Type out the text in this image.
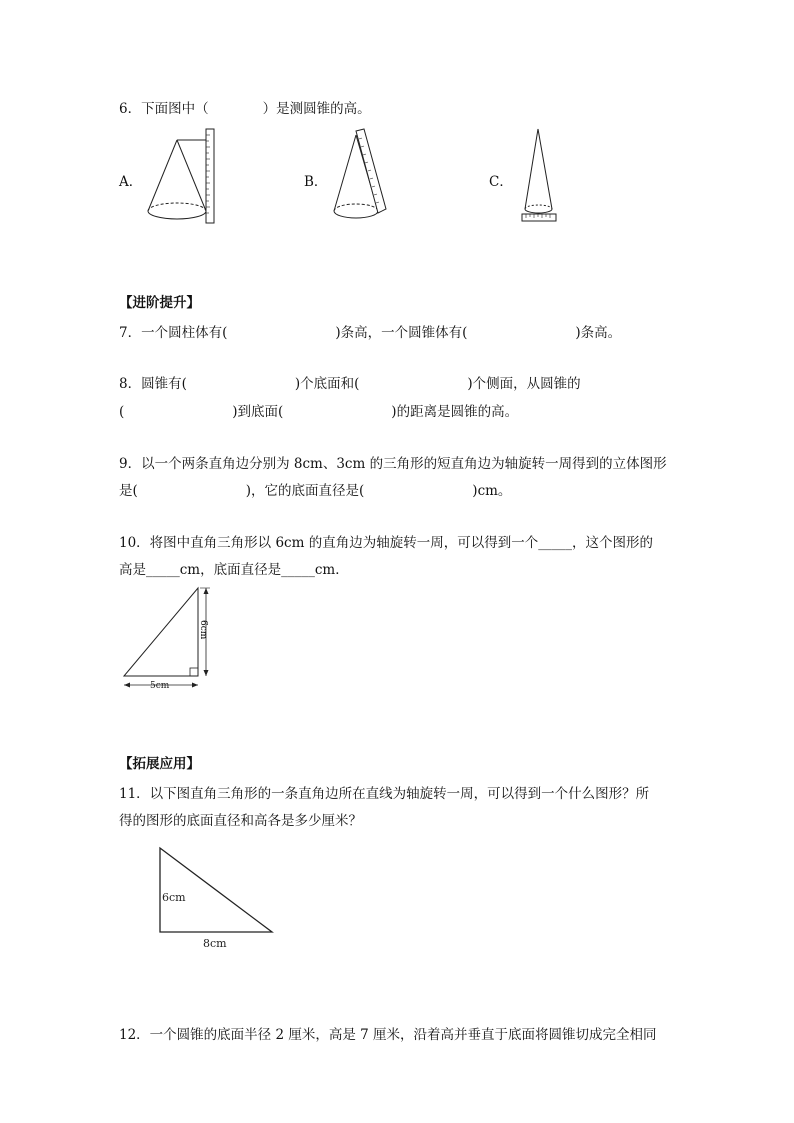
6．下面图中（　　　　）是测圆锥的高。
A．	B．	C．
【进阶提升】
7．一个圆柱体有(　　　　　　　　)条高，一个圆锥体有(　　　　　　　　)条高。
8．圆锥有(　　　　　　　　)个底面和(　　　　　　　　)个侧面，从圆锥的
(　　　　　　　　)到底面(　　　　　　　　)的距离是圆锥的高。
9．以一个两条直角边分别为 8cm、3cm 的三角形的短直角边为轴旋转一周得到的立体图形
是(　　　　　　　　)，它的底面直径是(　　　　　　　　)cm。
10．将图中直角三角形以 6cm 的直角边为轴旋转一周，可以得到一个_____，这个图形的
高是_____cm，底面直径是_____cm．
6cm
5cm
【拓展应用】
11．以下图直角三角形的一条直角边所在直线为轴旋转一周，可以得到一个什么图形？所
得的图形的底面直径和高各是多少厘米？
6cm
8cm
12．一个圆锥的底面半径 2 厘米，高是 7 厘米，沿着高并垂直于底面将圆锥切成完全相同
